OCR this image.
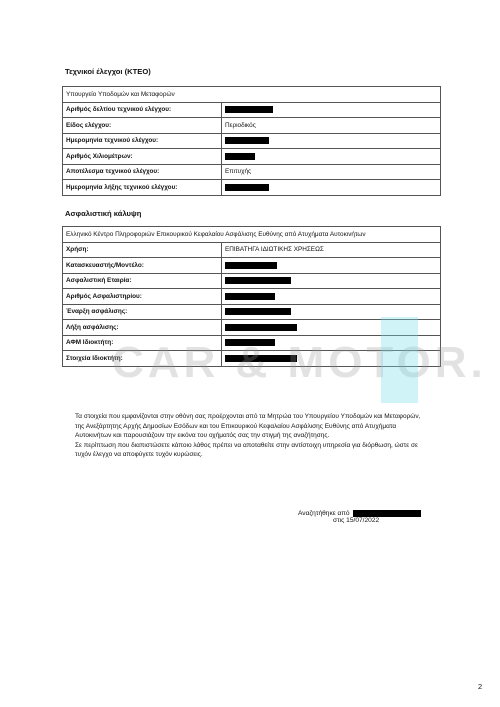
Τεχνικοί έλεγχοι (ΚΤΕΟ)
Υπουργείο Υποδομών και Μεταφορών	
Αριθμός δελτίου τεχνικού ελέγχου:	
Είδος ελέγχου:	Περιοδικός
Ημερομηνία τεχνικού ελέγχου:	
Αριθμός Χιλιομέτρων:	
Αποτέλεσμα τεχνικού ελέγχου:	Επιτυχής
Ημερομηνία λήξης τεχνικού ελέγχου:	
Ασφαλιστική κάλυψη
Ελληνικό Κέντρο Πληροφοριών Επικουρικού Κεφαλαίου Ασφάλισης Ευθύνης από Ατυχήματα Αυτοκινήτων	
Χρήση:	ΕΠΙΒΑΤΗΓΑ ΙΔΙΩΤΙΚΗΣ ΧΡΗΣΕΩΣ
Κατασκευαστής/Μοντέλο:	
Ασφαλιστική Εταιρία:	
Αριθμός Ασφαλιστηρίου:	
Έναρξη ασφάλισης:	
Λήξη ασφάλισης:	
ΑΦΜ Ιδιοκτήτη:	
Στοιχεία Ιδιοκτήτη:	
CAR & MOTOR.

Τα στοιχεία που εμφανίζονται στην οθόνη σας προέρχονται από τα Μητρώα του Υπουργείου Υποδομών και Μεταφορών, της Ανεξάρτητης Αρχής Δημοσίων Εσόδων και του Επικουρικού Κεφαλαίου Ασφάλισης Ευθύνης από Ατυχήματα Αυτοκινήτων και παρουσιάζουν την εικόνα του οχήματός σας την στιγμή της αναζήτησης.

Σε περίπτωση που διαπιστώσετε κάποιο λάθος πρέπει να αποταθείτε στην αντίστοιχη υπηρεσία για διόρθωση, ώστε σε τυχόν έλεγχο να αποφύγετε τυχόν κυρώσεις.

Αναζητήθηκε από
στις 15/07/2022
2
